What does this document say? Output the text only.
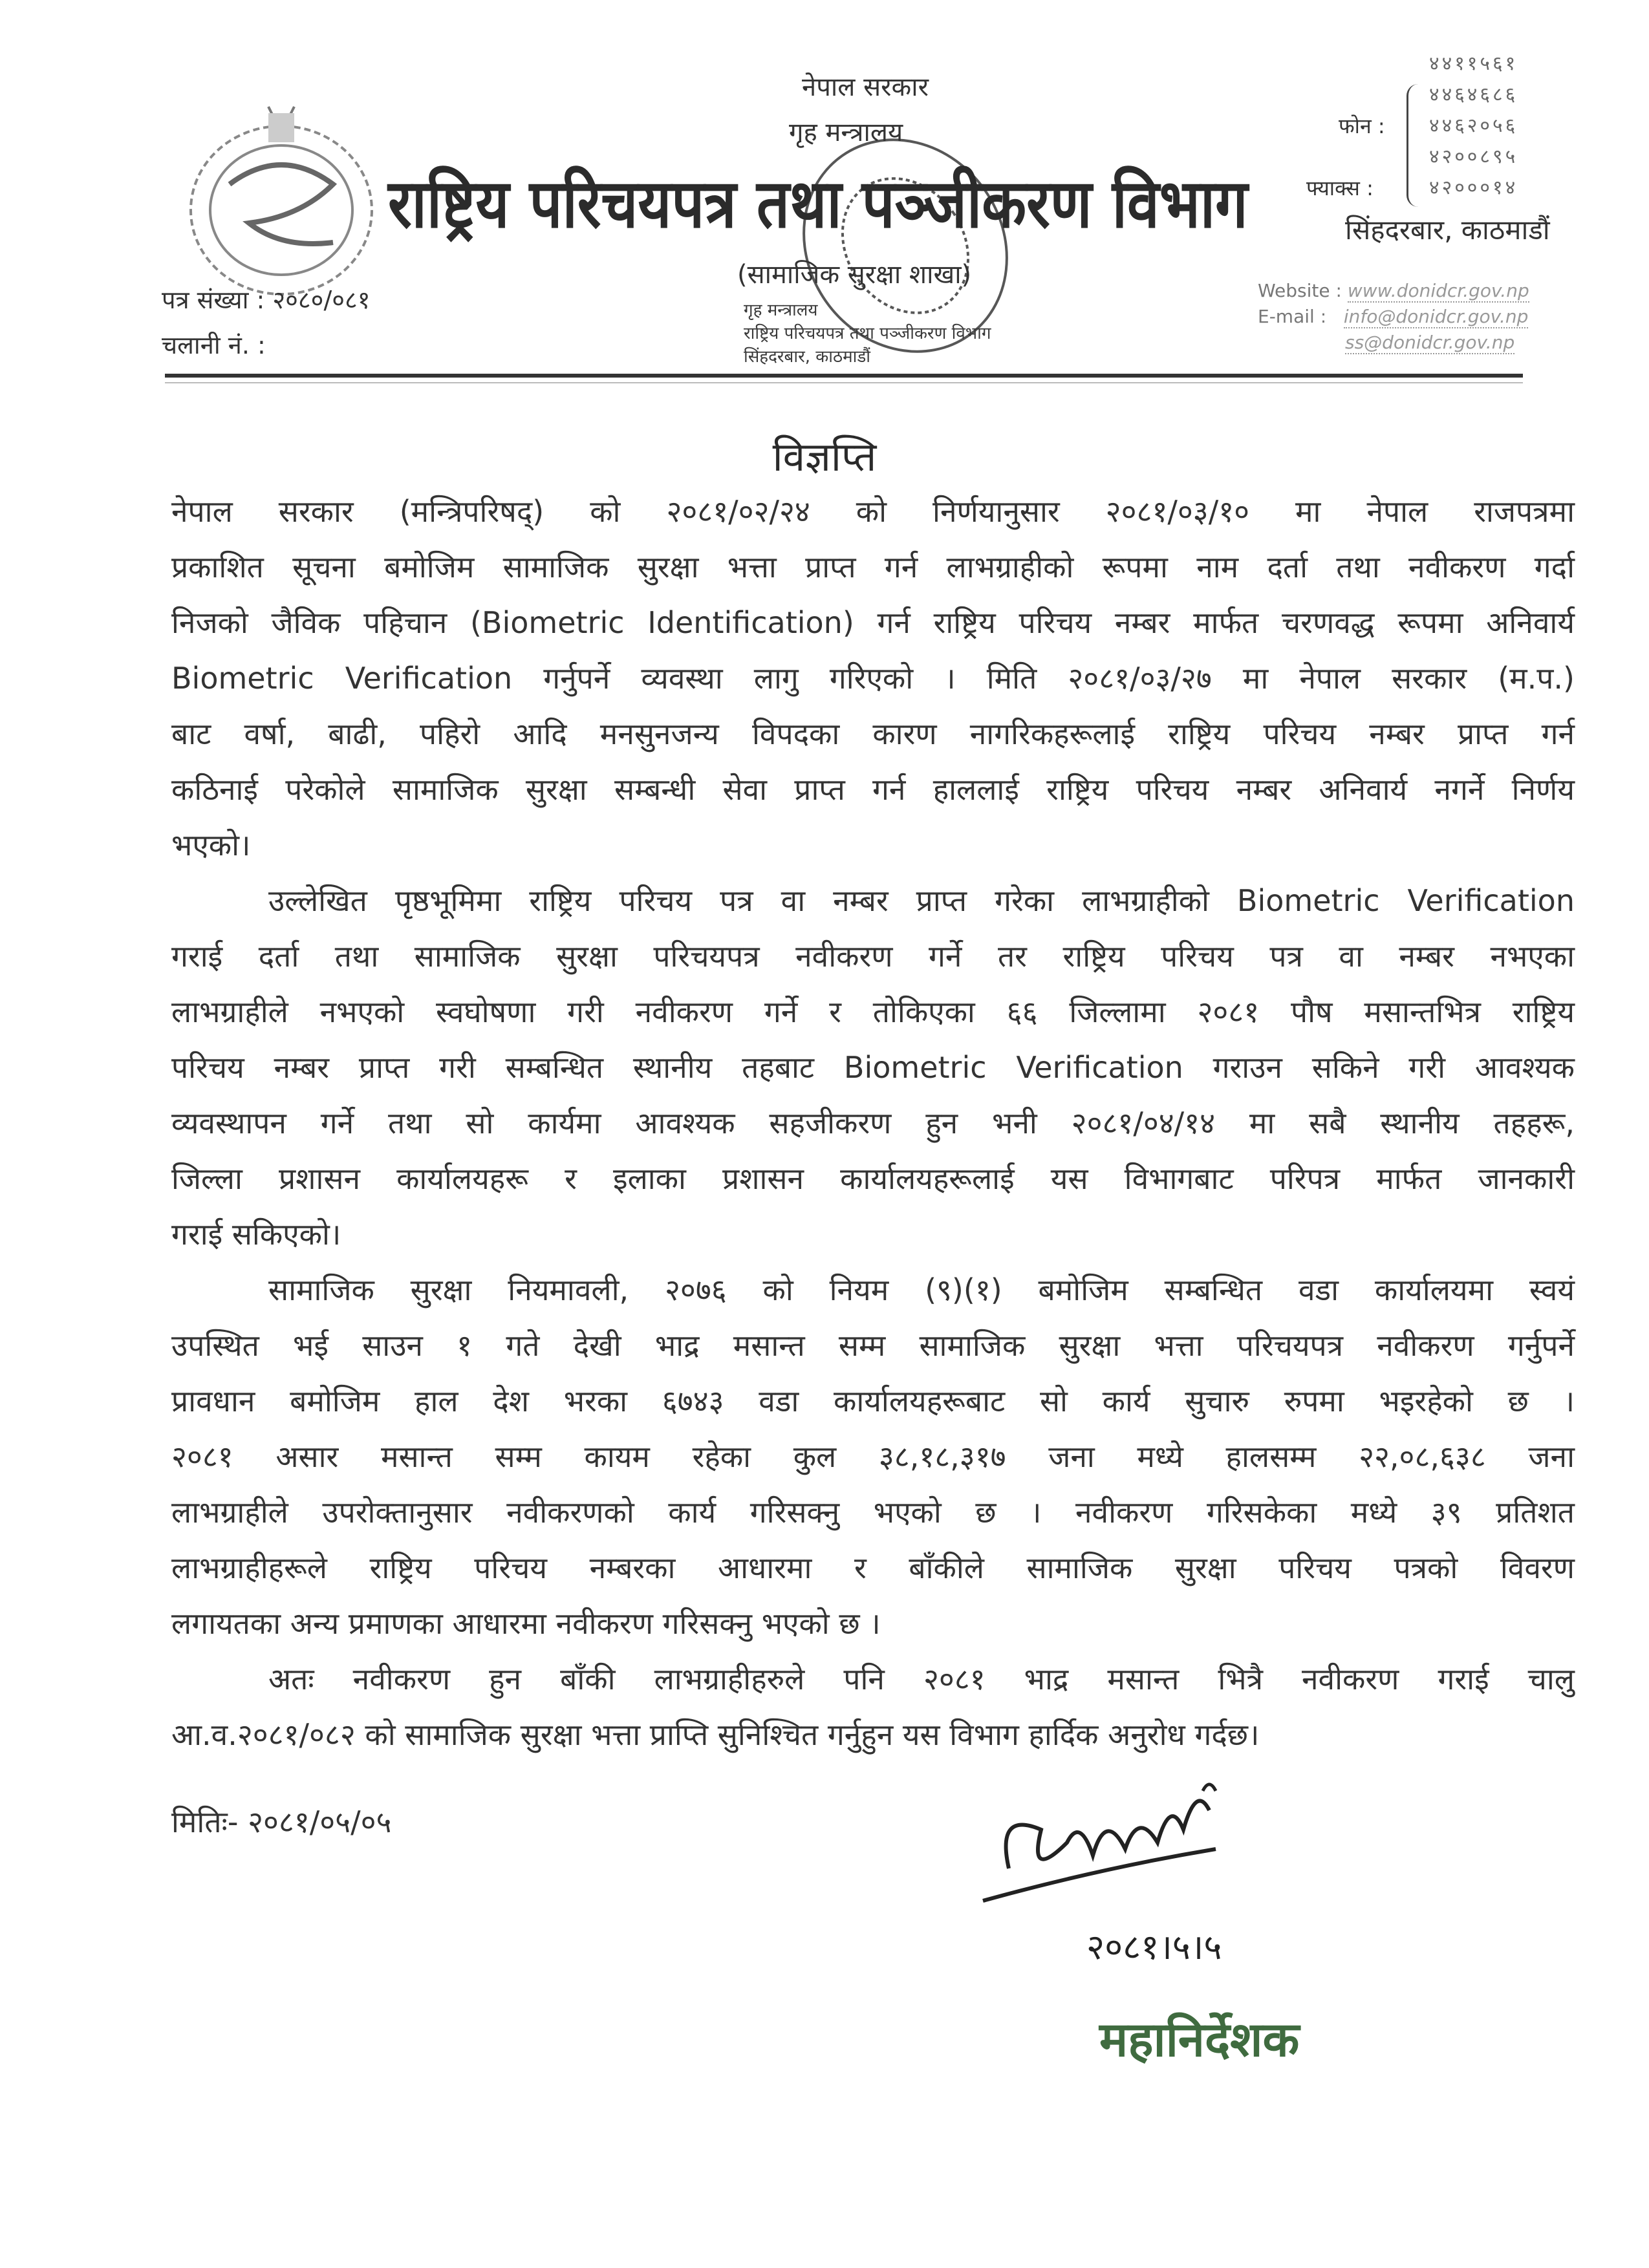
नेपाल सरकार
गृह मन्त्रालय
राष्ट्रिय परिचयपत्र तथा पञ्जीकरण विभाग
(सामाजिक सुरक्षा शाखा)
गृह मन्त्रालय
राष्ट्रिय परिचयपत्र तथा पञ्जीकरण विभाग
सिंहदरबार, काठमाडौं
४४११५६१
४४६४६८६
फोन : ४४६२०५६
४२००८९५
फ्याक्स :	४२०००१४
सिंहदरबार, काठमाडौं
Website : www.donidcr.gov.np
E-mail : info@donidcr.gov.np
ss@donidcr.gov.np
पत्र संख्या : २०८०/०८१
चलानी नं. :
विज्ञप्ति
नेपाल सरकार (मन्त्रिपरिषद्) को २०८१/०२/२४ को निर्णयानुसार २०८१/०३/१० मा नेपाल राजपत्रमा
प्रकाशित सूचना बमोजिम सामाजिक सुरक्षा भत्ता प्राप्त गर्न लाभग्राहीको रूपमा नाम दर्ता तथा नवीकरण गर्दा
निजको जैविक पहिचान (Biometric Identification) गर्न राष्ट्रिय परिचय नम्बर मार्फत चरणवद्ध रूपमा अनिवार्य
Biometric Verification गर्नुपर्ने व्यवस्था लागु गरिएको । मिति २०८१/०३/२७ मा नेपाल सरकार (म.प.)
बाट वर्षा, बाढी, पहिरो आदि मनसुनजन्य विपदका कारण नागरिकहरूलाई राष्ट्रिय परिचय नम्बर प्राप्त गर्न
कठिनाई परेकोले सामाजिक सुरक्षा सम्बन्धी सेवा प्राप्त गर्न हाललाई राष्ट्रिय परिचय नम्बर अनिवार्य नगर्ने निर्णय
भएको।
उल्लेखित पृष्ठभूमिमा राष्ट्रिय परिचय पत्र वा नम्बर प्राप्त गरेका लाभग्राहीको Biometric Verification
गराई दर्ता तथा सामाजिक सुरक्षा परिचयपत्र नवीकरण गर्ने तर राष्ट्रिय परिचय पत्र वा नम्बर नभएका
लाभग्राहीले नभएको स्वघोषणा गरी नवीकरण गर्ने र तोकिएका ६६ जिल्लामा २०८१ पौष मसान्तभित्र राष्ट्रिय
परिचय नम्बर प्राप्त गरी सम्बन्धित स्थानीय तहबाट Biometric Verification गराउन सकिने गरी आवश्यक
व्यवस्थापन गर्ने तथा सो कार्यमा आवश्यक सहजीकरण हुन भनी २०८१/०४/१४ मा सबै स्थानीय तहहरू,
जिल्ला प्रशासन कार्यालयहरू र इलाका प्रशासन कार्यालयहरूलाई यस विभागबाट परिपत्र मार्फत जानकारी
गराई सकिएको।
सामाजिक सुरक्षा नियमावली, २०७६ को नियम (९)(१) बमोजिम सम्बन्धित वडा कार्यालयमा स्वयं
उपस्थित भई साउन १ गते देखी भाद्र मसान्त सम्म सामाजिक सुरक्षा भत्ता परिचयपत्र नवीकरण गर्नुपर्ने
प्रावधान बमोजिम हाल देश भरका ६७४३ वडा कार्यालयहरूबाट सो कार्य सुचारु रुपमा भइरहेको छ ।
२०८१ असार मसान्त सम्म कायम रहेका कुल ३८,१८,३१७ जना मध्ये हालसम्म २२,०८,६३८ जना
लाभग्राहीले उपरोक्तानुसार नवीकरणको कार्य गरिसक्नु भएको छ । नवीकरण गरिसकेका मध्ये ३९ प्रतिशत
लाभग्राहीहरूले राष्ट्रिय परिचय नम्बरका आधारमा र बाँकीले सामाजिक सुरक्षा परिचय पत्रको विवरण
लगायतका अन्य प्रमाणका आधारमा नवीकरण गरिसक्नु भएको छ ।
अतः नवीकरण हुन बाँकी लाभग्राहीहरुले पनि २०८१ भाद्र मसान्त भित्रै नवीकरण गराई चालु
आ.व.२०८१/०८२ को सामाजिक सुरक्षा भत्ता प्राप्ति सुनिश्चित गर्नुहुन यस विभाग हार्दिक अनुरोध गर्दछ।
मितिः- २०८१/०५/०५
२०८१।५।५
महानिर्देशक
